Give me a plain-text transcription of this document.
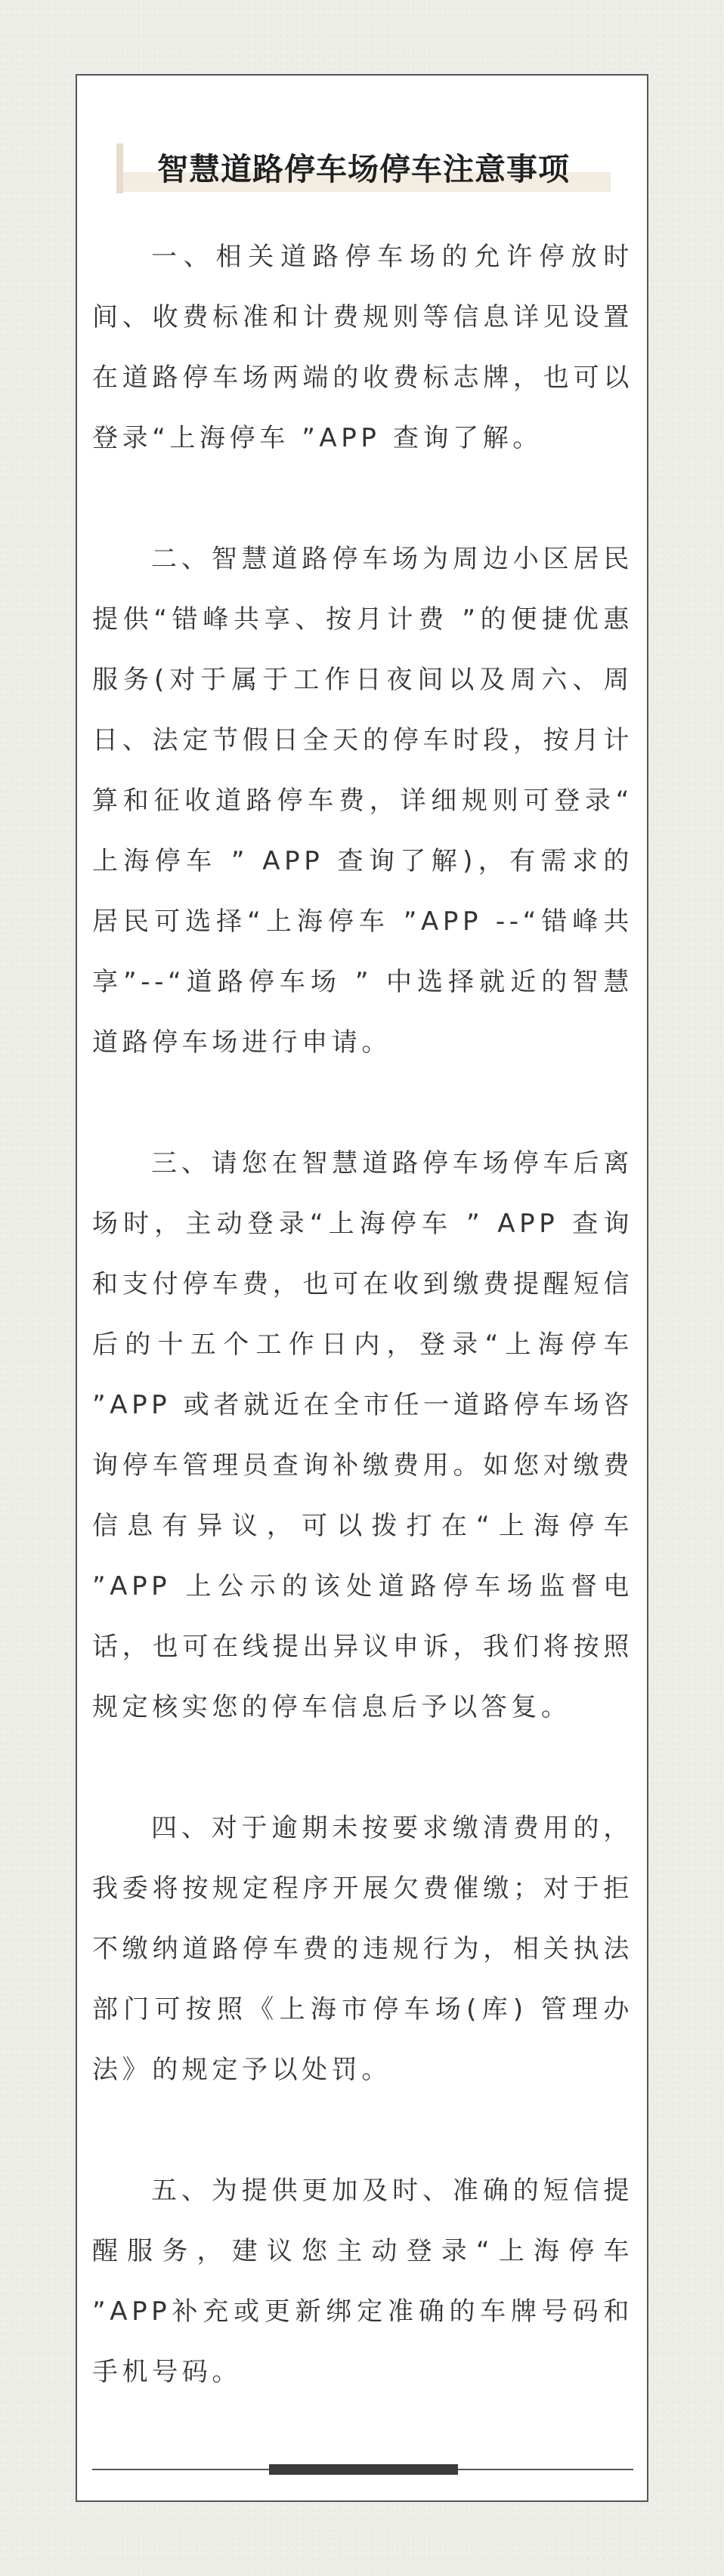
智慧道路停车场停车注意事项

一、相关道路停车场的允许停放时间、收费标准和计费规则等信息详见设置在道路停车场两端的收费标志牌，也可以登录“上海停车 ”APP 查询了解。

二、智慧道路停车场为周边小区居民提供“错峰共享、按月计费 ”的便捷优惠服务(对于属于工作日夜间以及周六、周日、法定节假日全天的停车时段，按月计算和征收道路停车费，详细规则可登录“ 上海停车 ” APP 查询了解)，有需求的居民可选择“上海停车 ”APP --“错峰共享”--“道路停车场 ” 中选择就近的智慧道路停车场进行申请。

三、请您在智慧道路停车场停车后离场时，主动登录“上海停车 ” APP 查询和支付停车费，也可在收到缴费提醒短信后的十五个工作日内，登录“上海停车 ”APP 或者就近在全市任一道路停车场咨询停车管理员查询补缴费用。如您对缴费信息有异议，可以拨打在“上海停车 ”APP 上公示的该处道路停车场监督电话，也可在线提出异议申诉，我们将按照规定核实您的停车信息后予以答复。

四、对于逾期未按要求缴清费用的，我委将按规定程序开展欠费催缴；对于拒不缴纳道路停车费的违规行为，相关执法部门可按照《上海市停车场(库) 管理办法》的规定予以处罚。

五、为提供更加及时、准确的短信提醒服务，建议您主动登录“上海停车 ”APP补充或更新绑定准确的车牌号码和手机号码。
